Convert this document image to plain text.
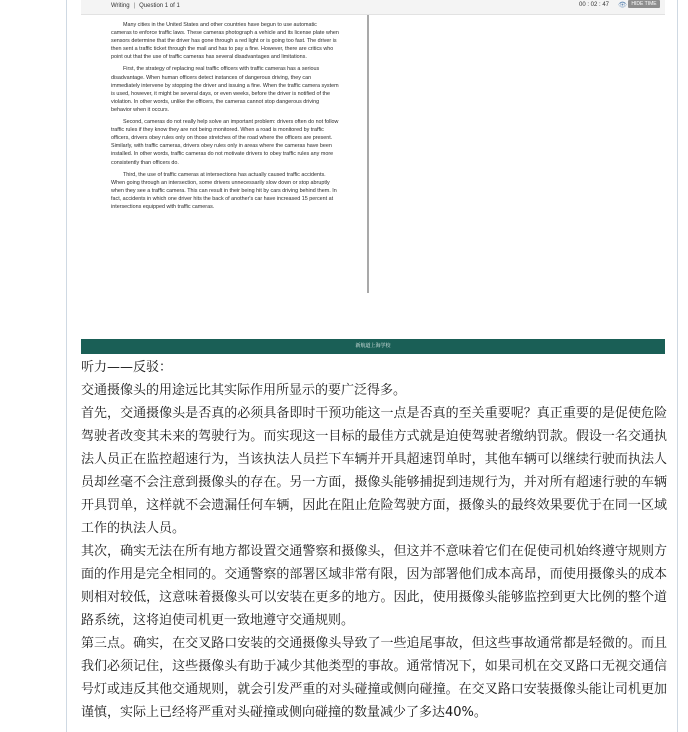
Writing | Question 1 of 1	00 : 02 : 47 👁 HIDE TIME

Many cities in the United States and other countries have begun to use automatic cameras to enforce traffic laws. These cameras photograph a vehicle and its license plate when sensors determine that the driver has gone through a red light or is going too fast. The driver is then sent a traffic ticket through the mail and has to pay a fine. However, there are critics who point out that the use of traffic cameras has several disadvantages and limitations.

First, the strategy of replacing real traffic officers with traffic cameras has a serious disadvantage. When human officers detect instances of dangerous driving, they can immediately intervene by stopping the driver and issuing a fine. When the traffic camera system is used, however, it might be several days, or even weeks, before the driver is notified of the violation. In other words, unlike the officers, the cameras cannot stop dangerous driving behavior when it occurs.

Second, cameras do not really help solve an important problem: drivers often do not follow traffic rules if they know they are not being monitored. When a road is monitored by traffic officers, drivers obey rules only on those stretches of the road where the officers are present. Similarly, with traffic cameras, drivers obey rules only in areas where the cameras have been installed. In other words, traffic cameras do not motivate drivers to obey traffic rules any more consistently than officers do.

Third, the use of traffic cameras at intersections has actually caused traffic accidents. When going through an intersection, some drivers unnecessarily slow down or stop abruptly when they see a traffic camera. This can result in their being hit by cars driving behind them. In fact, accidents in which one driver hits the back of another's car have increased 15 percent at intersections equipped with traffic cameras.

新航道上海学校

听力——反驳：

交通摄像头的用途远比其实际作用所显示的要广泛得多。

首先，交通摄像头是否真的必须具备即时干预功能这一点是否真的至关重要呢？真正重要的是促使危险驾驶者改变其未来的驾驶行为。而实现这一目标的最佳方式就是迫使驾驶者缴纳罚款。假设一名交通执法人员正在监控超速行为，当该执法人员拦下车辆并开具超速罚单时，其他车辆可以继续行驶而执法人员却丝毫不会注意到摄像头的存在。另一方面，摄像头能够捕捉到违规行为，并对所有超速行驶的车辆开具罚单，这样就不会遗漏任何车辆，因此在阻止危险驾驶方面，摄像头的最终效果要优于在同一区域工作的执法人员。

其次，确实无法在所有地方都设置交通警察和摄像头，但这并不意味着它们在促使司机始终遵守规则方面的作用是完全相同的。交通警察的部署区域非常有限，因为部署他们成本高昂，而使用摄像头的成本则相对较低，这意味着摄像头可以安装在更多的地方。因此，使用摄像头能够监控到更大比例的整个道路系统，这将迫使司机更一致地遵守交通规则。

第三点。确实，在交叉路口安装的交通摄像头导致了一些追尾事故，但这些事故通常都是轻微的。而且我们必须记住，这些摄像头有助于减少其他类型的事故。通常情况下，如果司机在交叉路口无视交通信号灯或违反其他交通规则，就会引发严重的对头碰撞或侧向碰撞。在交叉路口安装摄像头能让司机更加谨慎，实际上已经将严重对头碰撞或侧向碰撞的数量减少了多达40%。
